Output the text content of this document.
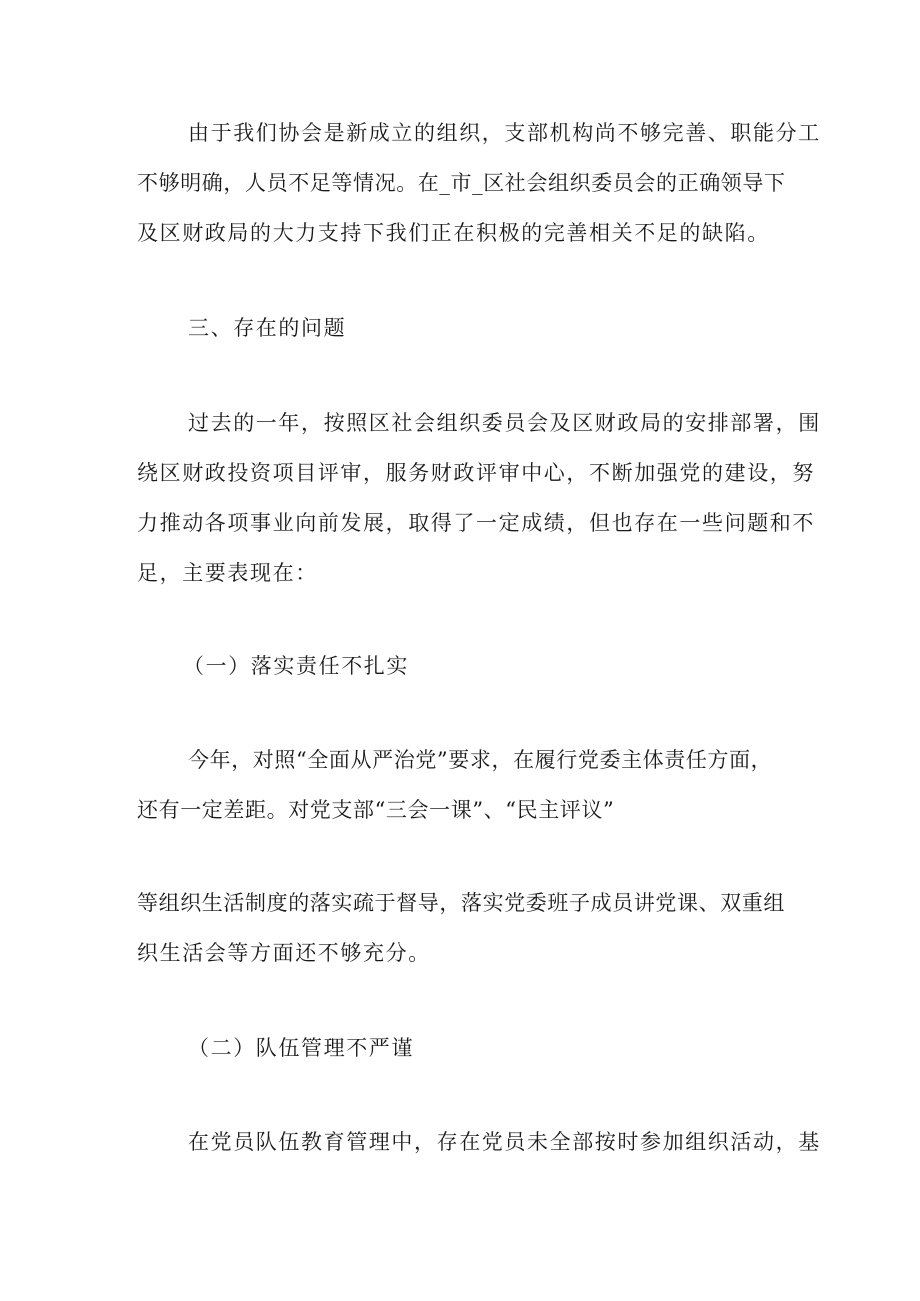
由于我们协会是新成立的组织，支部机构尚不够完善、职能分工
不够明确，人员不足等情况。在_市_区社会组织委员会的正确领导下
及区财政局的大力支持下我们正在积极的完善相关不足的缺陷。
三、存在的问题
过去的一年，按照区社会组织委员会及区财政局的安排部署，围
绕区财政投资项目评审，服务财政评审中心，不断加强党的建设，努
力推动各项事业向前发展，取得了一定成绩，但也存在一些问题和不
足，主要表现在：
（一）落实责任不扎实
今年，对照“全面从严治党”要求，在履行党委主体责任方面，
还有一定差距。对党支部“三会一课”、“民主评议”
等组织生活制度的落实疏于督导，落实党委班子成员讲党课、双重组
织生活会等方面还不够充分。
（二）队伍管理不严谨
在党员队伍教育管理中，存在党员未全部按时参加组织活动，基
